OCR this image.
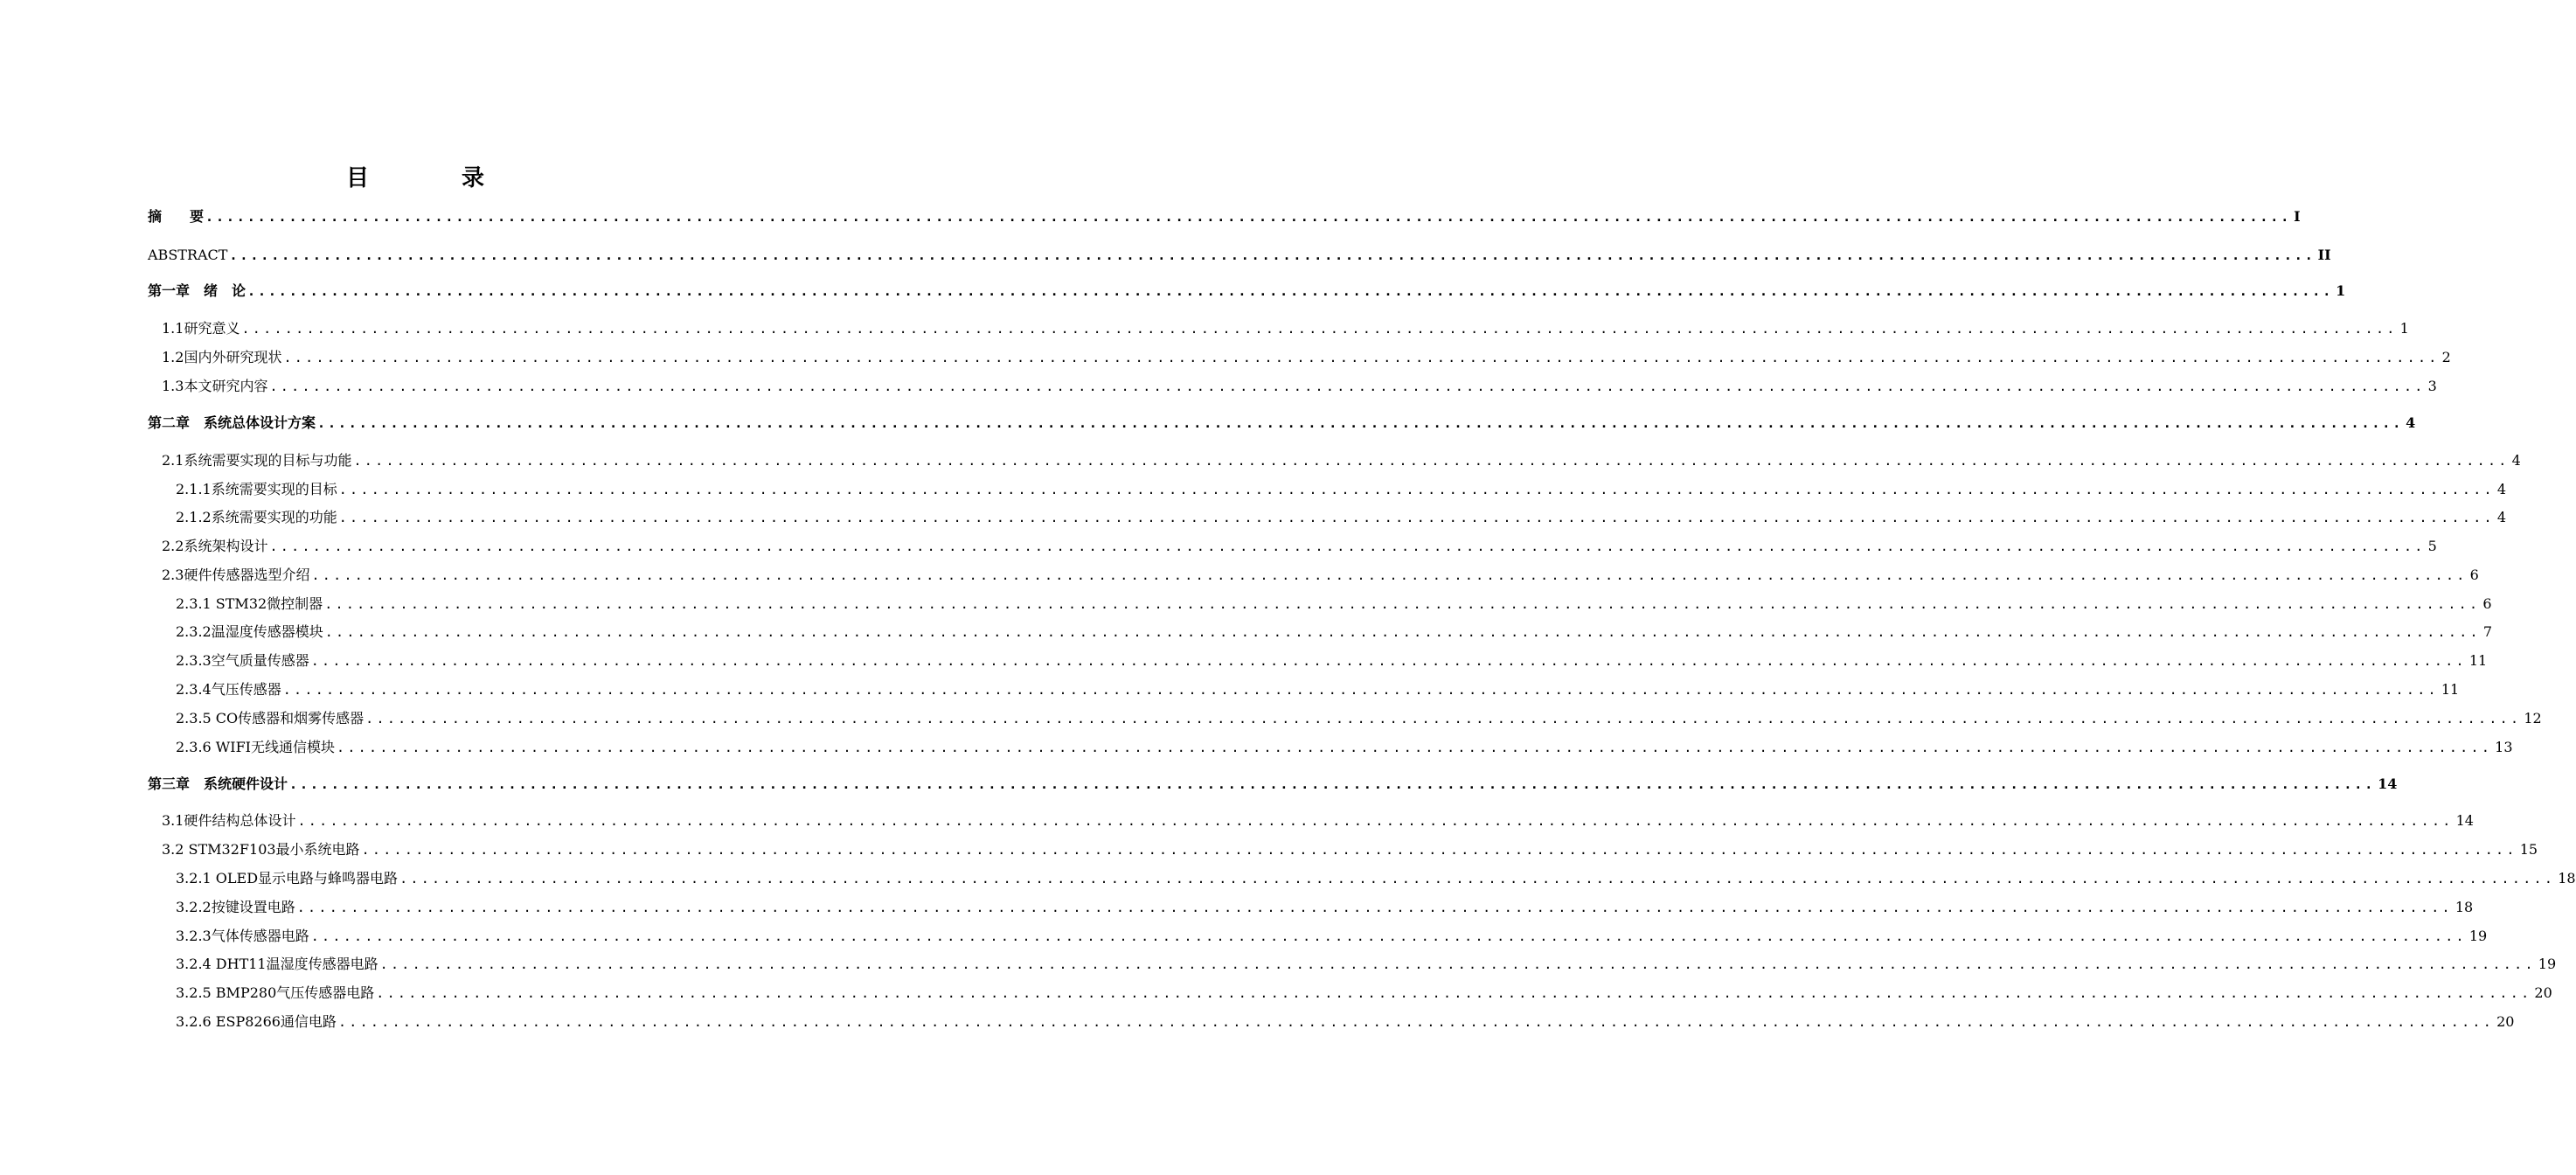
目　录
摘　　要 ........................................................................................................................................................................................................ I
ABSTRACT ........................................................................................................................................................................................................ II
第一章　绪　论 ........................................................................................................................................................................................................ 1
1.1研究意义 ........................................................................................................................................................................................................ 1
1.2国内外研究现状 ........................................................................................................................................................................................................ 2
1.3本文研究内容 ........................................................................................................................................................................................................ 3
第二章　系统总体设计方案 ........................................................................................................................................................................................................ 4
2.1系统需要实现的目标与功能 ........................................................................................................................................................................................................ 4
2.1.1系统需要实现的目标 ........................................................................................................................................................................................................ 4
2.1.2系统需要实现的功能 ........................................................................................................................................................................................................ 4
2.2系统架构设计 ........................................................................................................................................................................................................ 5
2.3硬件传感器选型介绍 ........................................................................................................................................................................................................ 6
2.3.1 STM32微控制器 ........................................................................................................................................................................................................ 6
2.3.2温湿度传感器模块 ........................................................................................................................................................................................................ 7
2.3.3空气质量传感器 ........................................................................................................................................................................................................ 11
2.3.4气压传感器 ........................................................................................................................................................................................................ 11
2.3.5 CO传感器和烟雾传感器 ........................................................................................................................................................................................................ 12
2.3.6 WIFI无线通信模块 ........................................................................................................................................................................................................ 13
第三章　系统硬件设计 ........................................................................................................................................................................................................ 14
3.1硬件结构总体设计 ........................................................................................................................................................................................................ 14
3.2 STM32F103最小系统电路 ........................................................................................................................................................................................................ 15
3.2.1 OLED显示电路与蜂鸣器电路 ........................................................................................................................................................................................................ 18
3.2.2按键设置电路 ........................................................................................................................................................................................................ 18
3.2.3气体传感器电路 ........................................................................................................................................................................................................ 19
3.2.4 DHT11温湿度传感器电路 ........................................................................................................................................................................................................ 19
3.2.5 BMP280气压传感器电路 ........................................................................................................................................................................................................ 20
3.2.6 ESP8266通信电路 ........................................................................................................................................................................................................ 20
